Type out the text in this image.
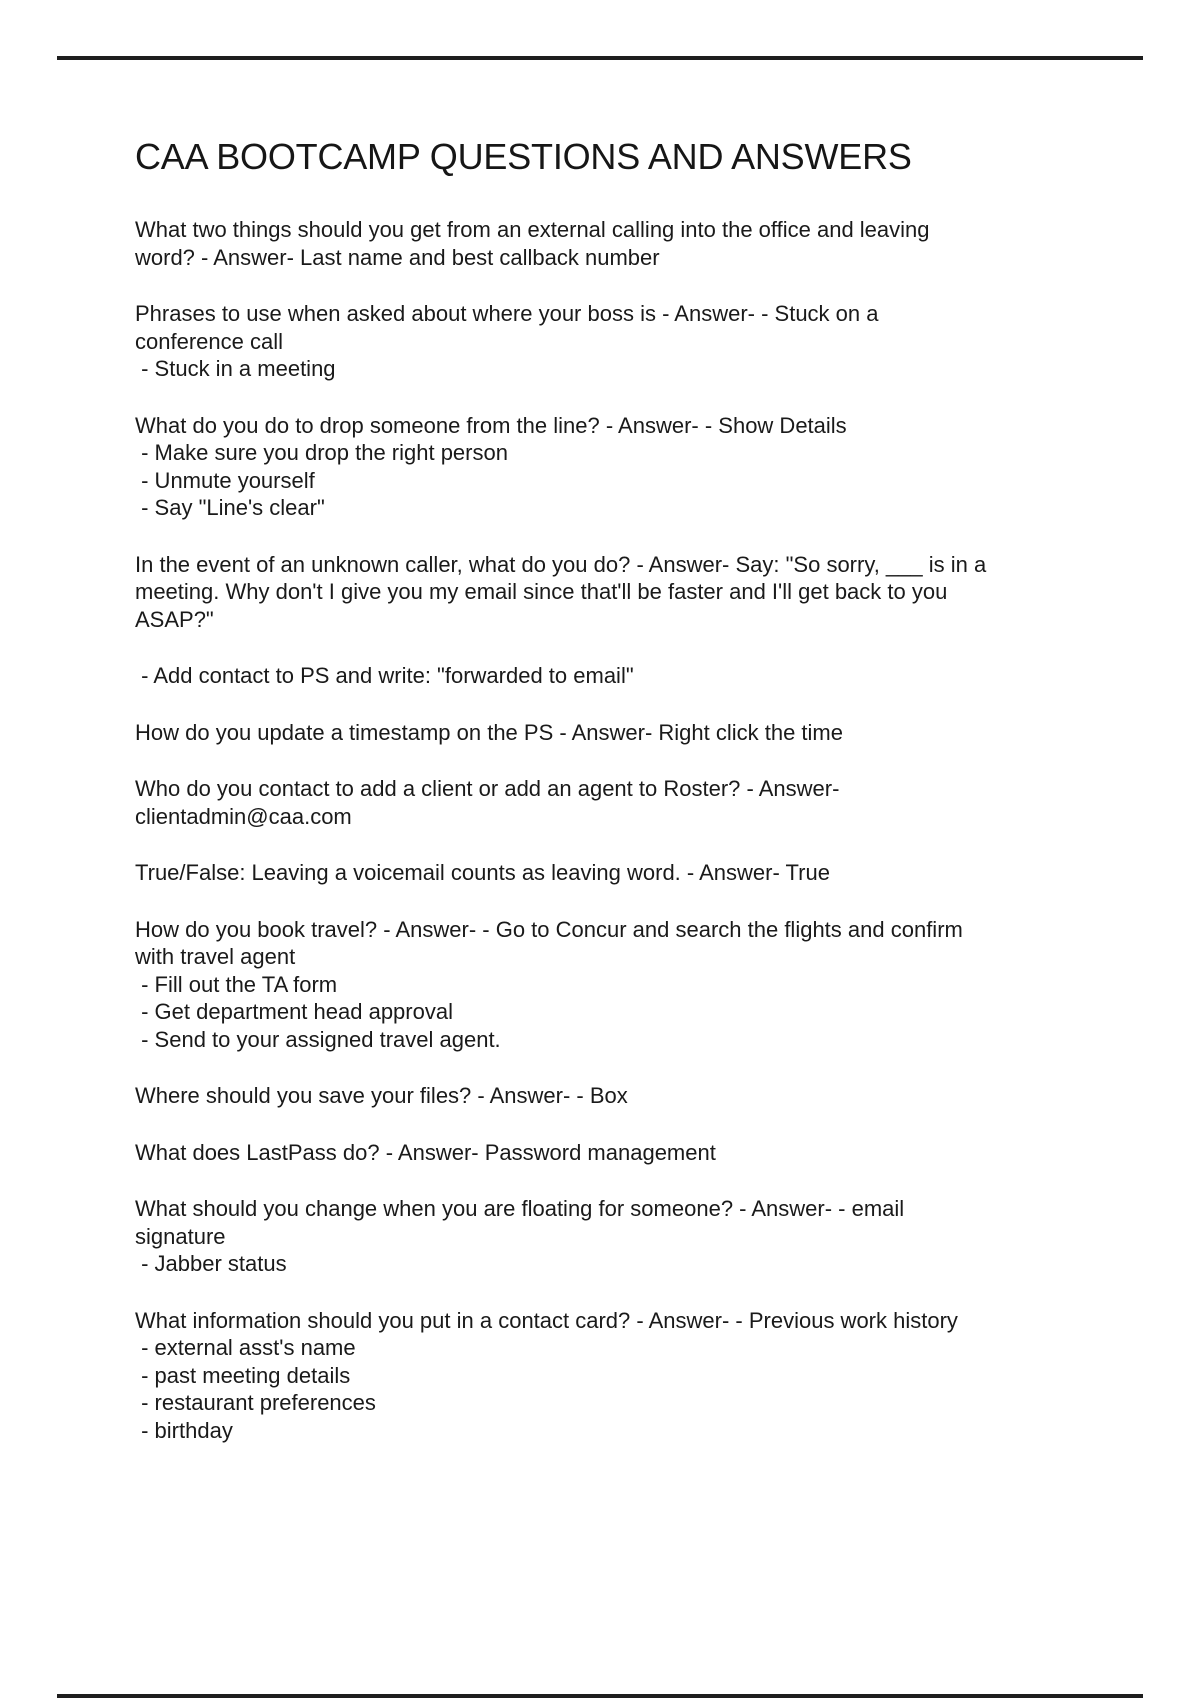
CAA BOOTCAMP QUESTIONS AND ANSWERS
What two things should you get from an external calling into the office and leaving
word? - Answer- Last name and best callback number
Phrases to use when asked about where your boss is - Answer- - Stuck on a
conference call
- Stuck in a meeting
What do you do to drop someone from the line? - Answer- - Show Details
- Make sure you drop the right person
- Unmute yourself
- Say "Line's clear"
In the event of an unknown caller, what do you do? - Answer- Say: "So sorry, ___ is in a
meeting. Why don't I give you my email since that'll be faster and I'll get back to you
ASAP?"
- Add contact to PS and write: "forwarded to email"
How do you update a timestamp on the PS - Answer- Right click the time
Who do you contact to add a client or add an agent to Roster? - Answer-
clientadmin@caa.com
True/False: Leaving a voicemail counts as leaving word. - Answer- True
How do you book travel? - Answer- - Go to Concur and search the flights and confirm
with travel agent
- Fill out the TA form
- Get department head approval
- Send to your assigned travel agent.
Where should you save your files? - Answer- - Box
What does LastPass do? - Answer- Password management
What should you change when you are floating for someone? - Answer- - email
signature
- Jabber status
What information should you put in a contact card? - Answer- - Previous work history
- external asst's name
- past meeting details
- restaurant preferences
- birthday
